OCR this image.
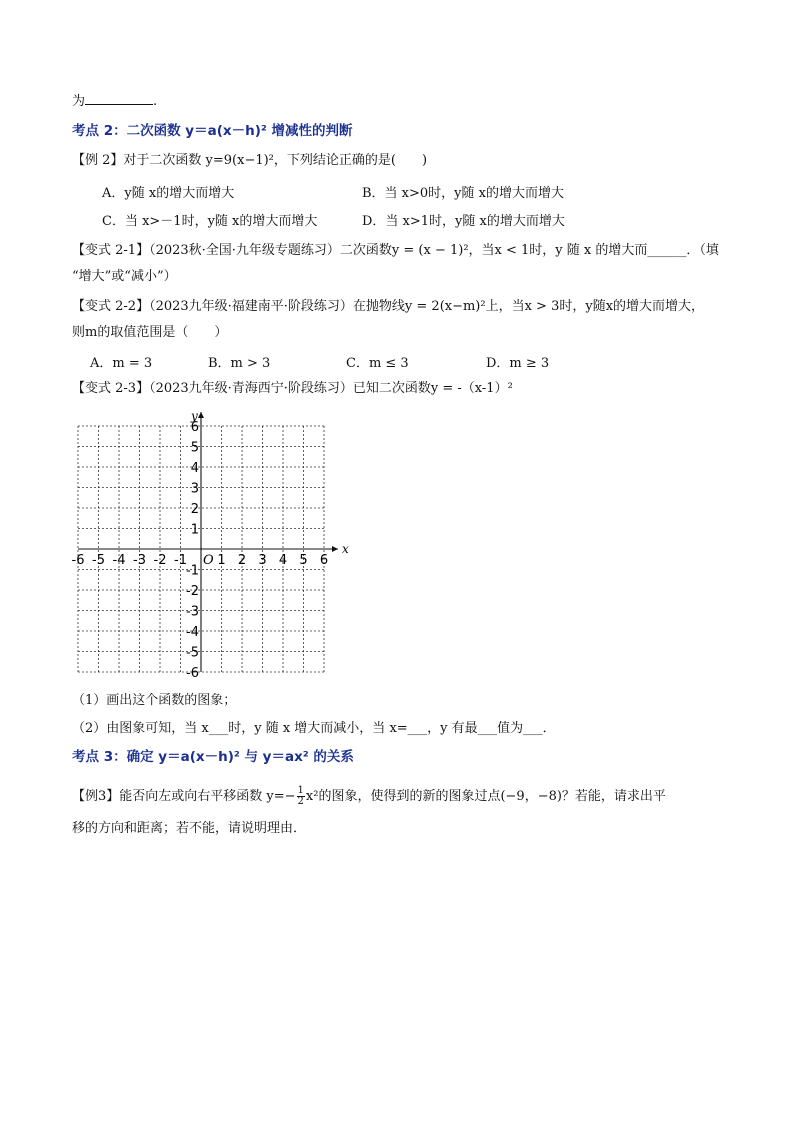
为	.
考点 2：二次函数 y＝a(x－h)² 增减性的判断
【例 2】对于二次函数 y=9(x−1)²，下列结论正确的是(　　)
A．y随 x的增大而增大	B．当 x>0时，y随 x的增大而增大
C．当 x>－1时，y随 x的增大而增大	D．当 x>1时，y随 x的增大而增大
【变式 2-1】（2023秋·全国·九年级专题练习）二次函数y = (x − 1)²，当x < 1时，y 随 x 的增大而______．（填
“增大”或“减小”）
【变式 2-2】（2023九年级·福建南平·阶段练习）在抛物线y = 2(x−m)²上，当x > 3时，y随x的增大而增大，
则m的取值范围是（　　）
A．m = 3	B．m > 3	C．m ≤ 3	D．m ≥ 3
【变式 2-3】（2023九年级·青海西宁·阶段练习）已知二次函数y = -（x-1）²
x
y
O
-6 -5 -4 -3 -2 -1 1 2 3 4 5 6
6
5
4
3
2
1
-1
-2
-3
-4
-5
-6
（1）画出这个函数的图象；
（2）由图象可知，当 x___时，y 随 x 增大而减小，当 x=___，y 有最___值为___．
考点 3：确定 y＝a(x－h)² 与 y＝ax² 的关系
【例3】能否向左或向右平移函数 $y=- \frac{1}{2} x^2$的图象，使得到的新的图象过点(−9，−8)？若能，请求出平
移的方向和距离；若不能，请说明理由．
